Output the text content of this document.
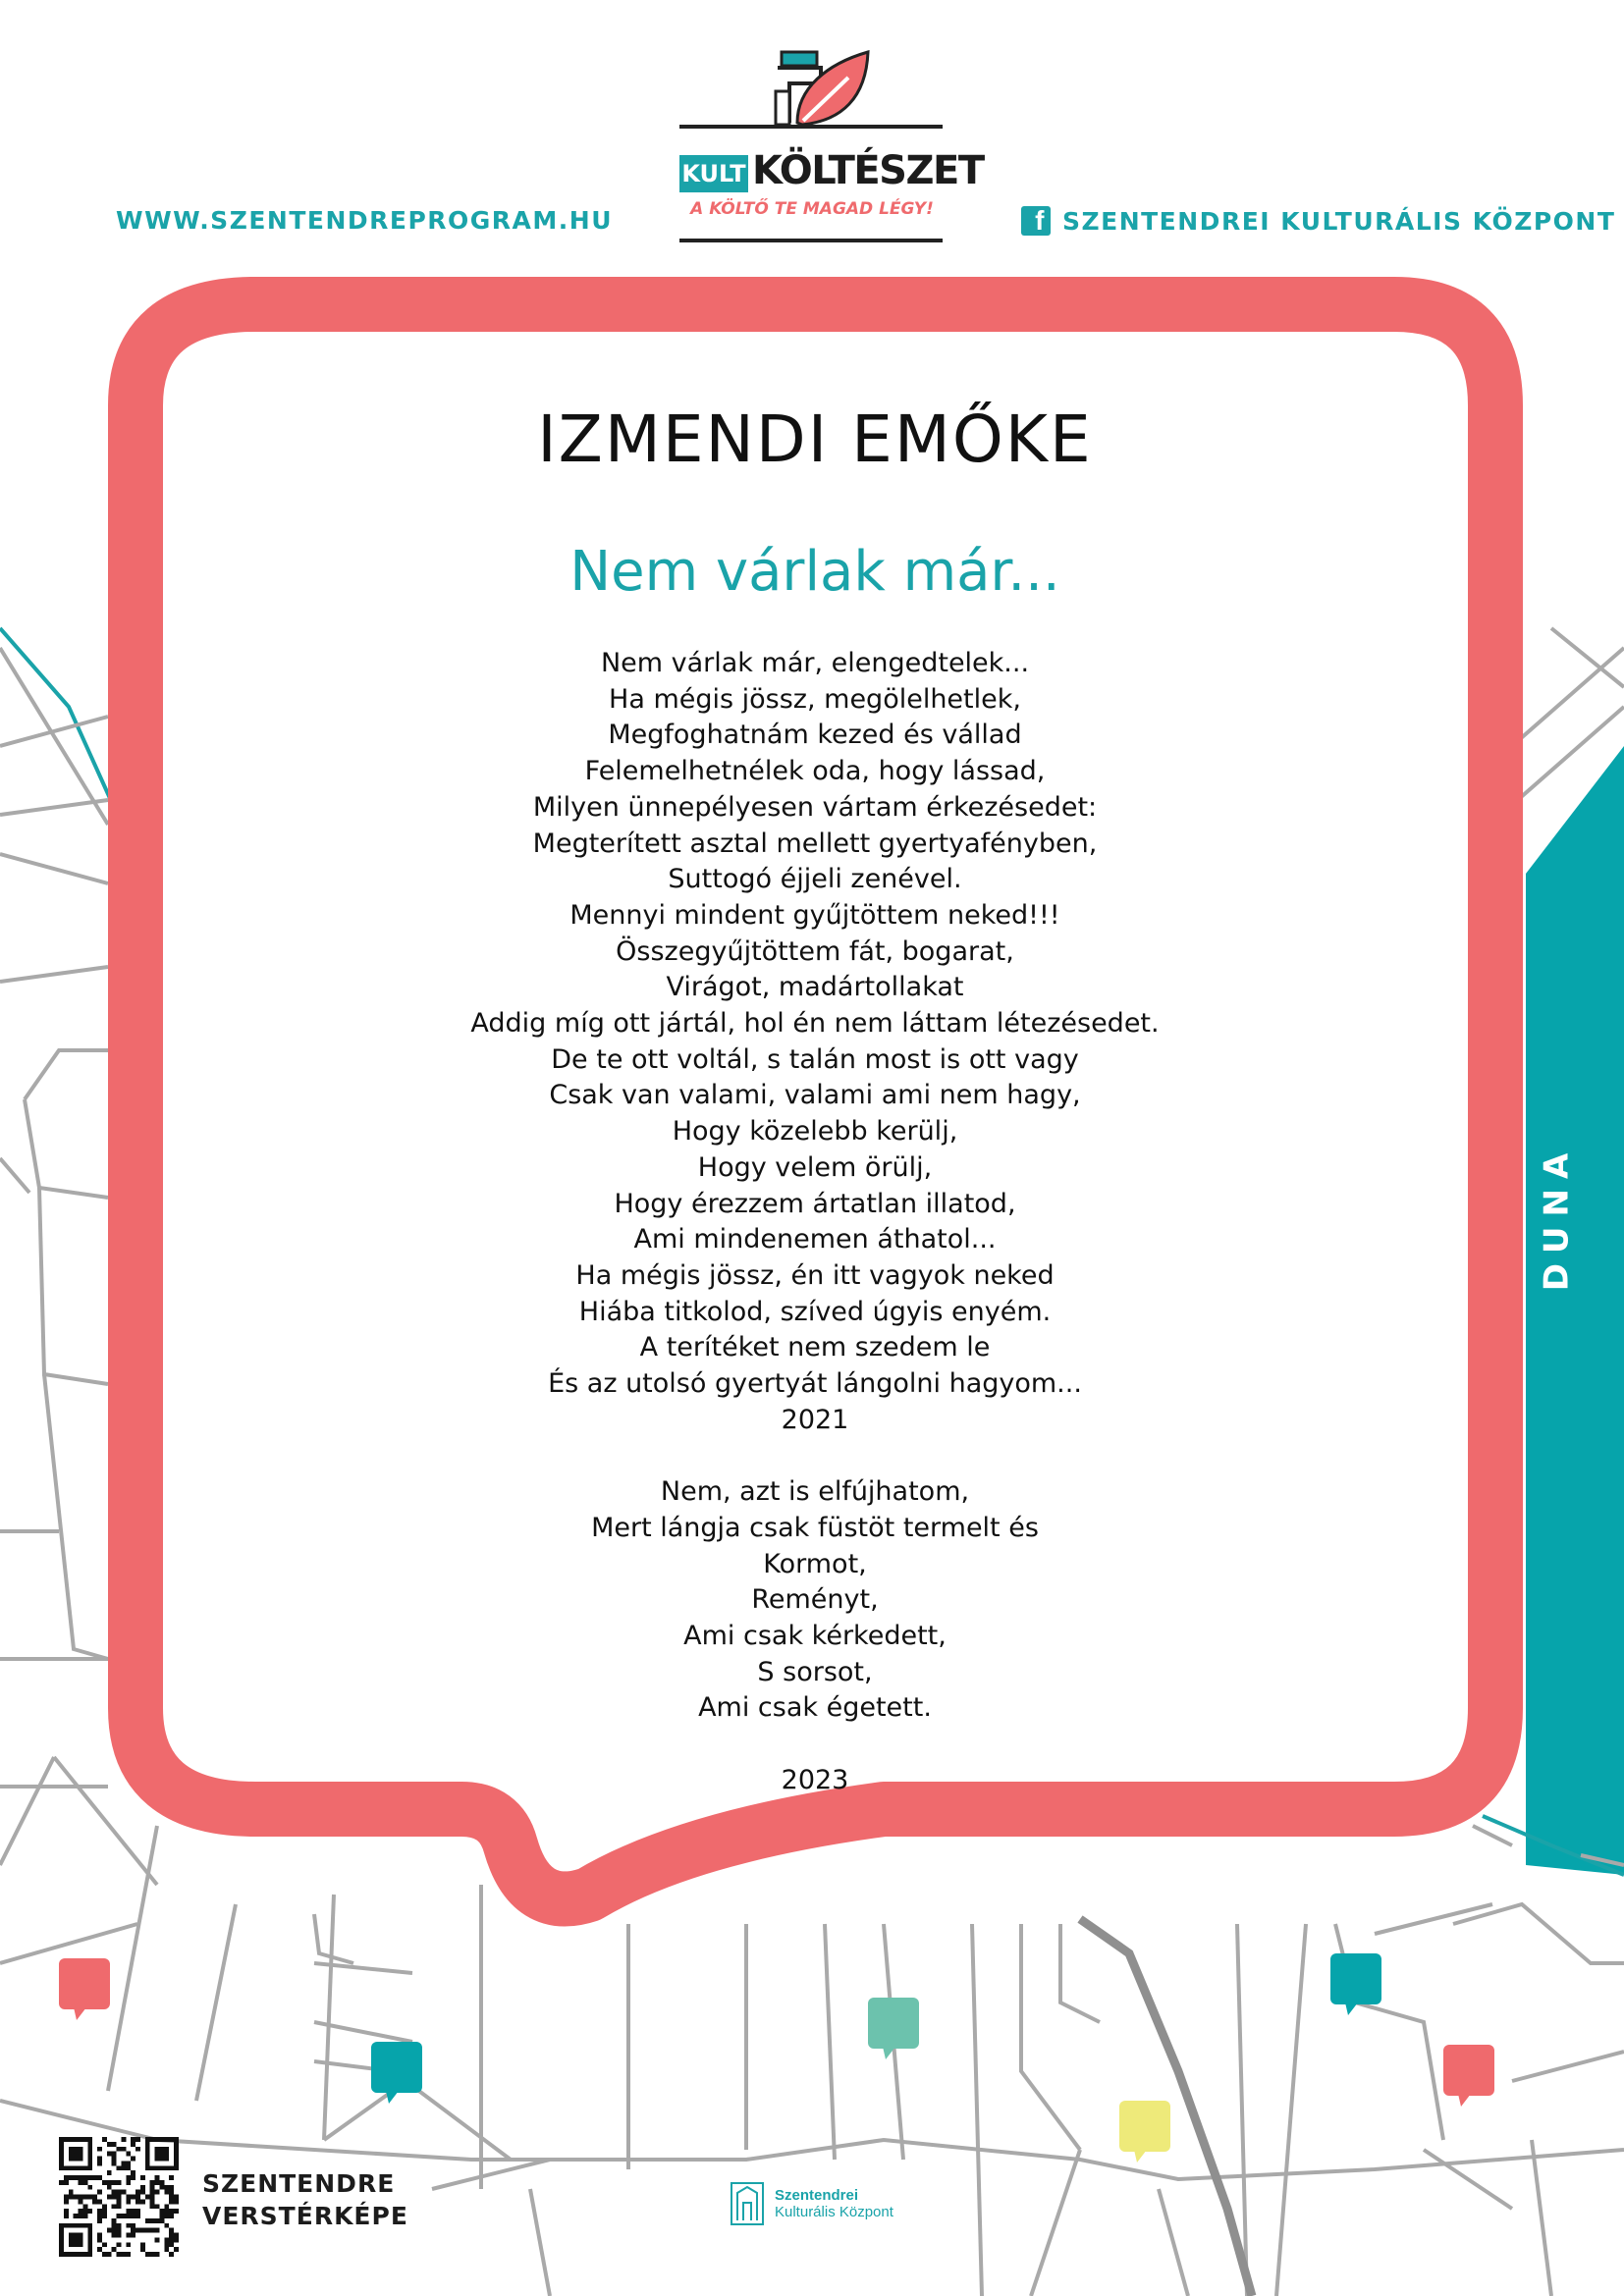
WWW.SZENTENDREPROGRAM.HU	f SZENTENDREI KULTURÁLIS KÖZPONT
KULT KÖLTÉSZET
A KÖLTŐ TE MAGAD LÉGY!
IZMENDI EMŐKE
Nem várlak már...
Nem várlak már, elengedtelek...
Ha mégis jössz, megölelhetlek,
Megfoghatnám kezed és vállad
Felemelhetnélek oda, hogy lássad,
Milyen ünnepélyesen vártam érkezésedet:
Megterített asztal mellett gyertyafényben,
Suttogó éjjeli zenével.
Mennyi mindent gyűjtöttem neked!!!
Összegyűjtöttem fát, bogarat,
Virágot, madártollakat
Addig míg ott jártál, hol én nem láttam létezésedet.
De te ott voltál, s talán most is ott vagy
Csak van valami, valami ami nem hagy,
Hogy közelebb kerülj,
Hogy velem örülj,
Hogy érezzem ártatlan illatod,
Ami mindenemen áthatol...
Ha mégis jössz, én itt vagyok neked
Hiába titkolod, szíved úgyis enyém.
A terítéket nem szedem le
És az utolsó gyertyát lángolni hagyom...
2021
Nem, azt is elfújhatom,
Mert lángja csak füstöt termelt és
Kormot,
Reményt,
Ami csak kérkedett,
S sorsot,
Ami csak égetett.
2023
DUNA
SZENTENDRE
VERSTÉRKÉPE
Szentendrei
Kulturális Központ
